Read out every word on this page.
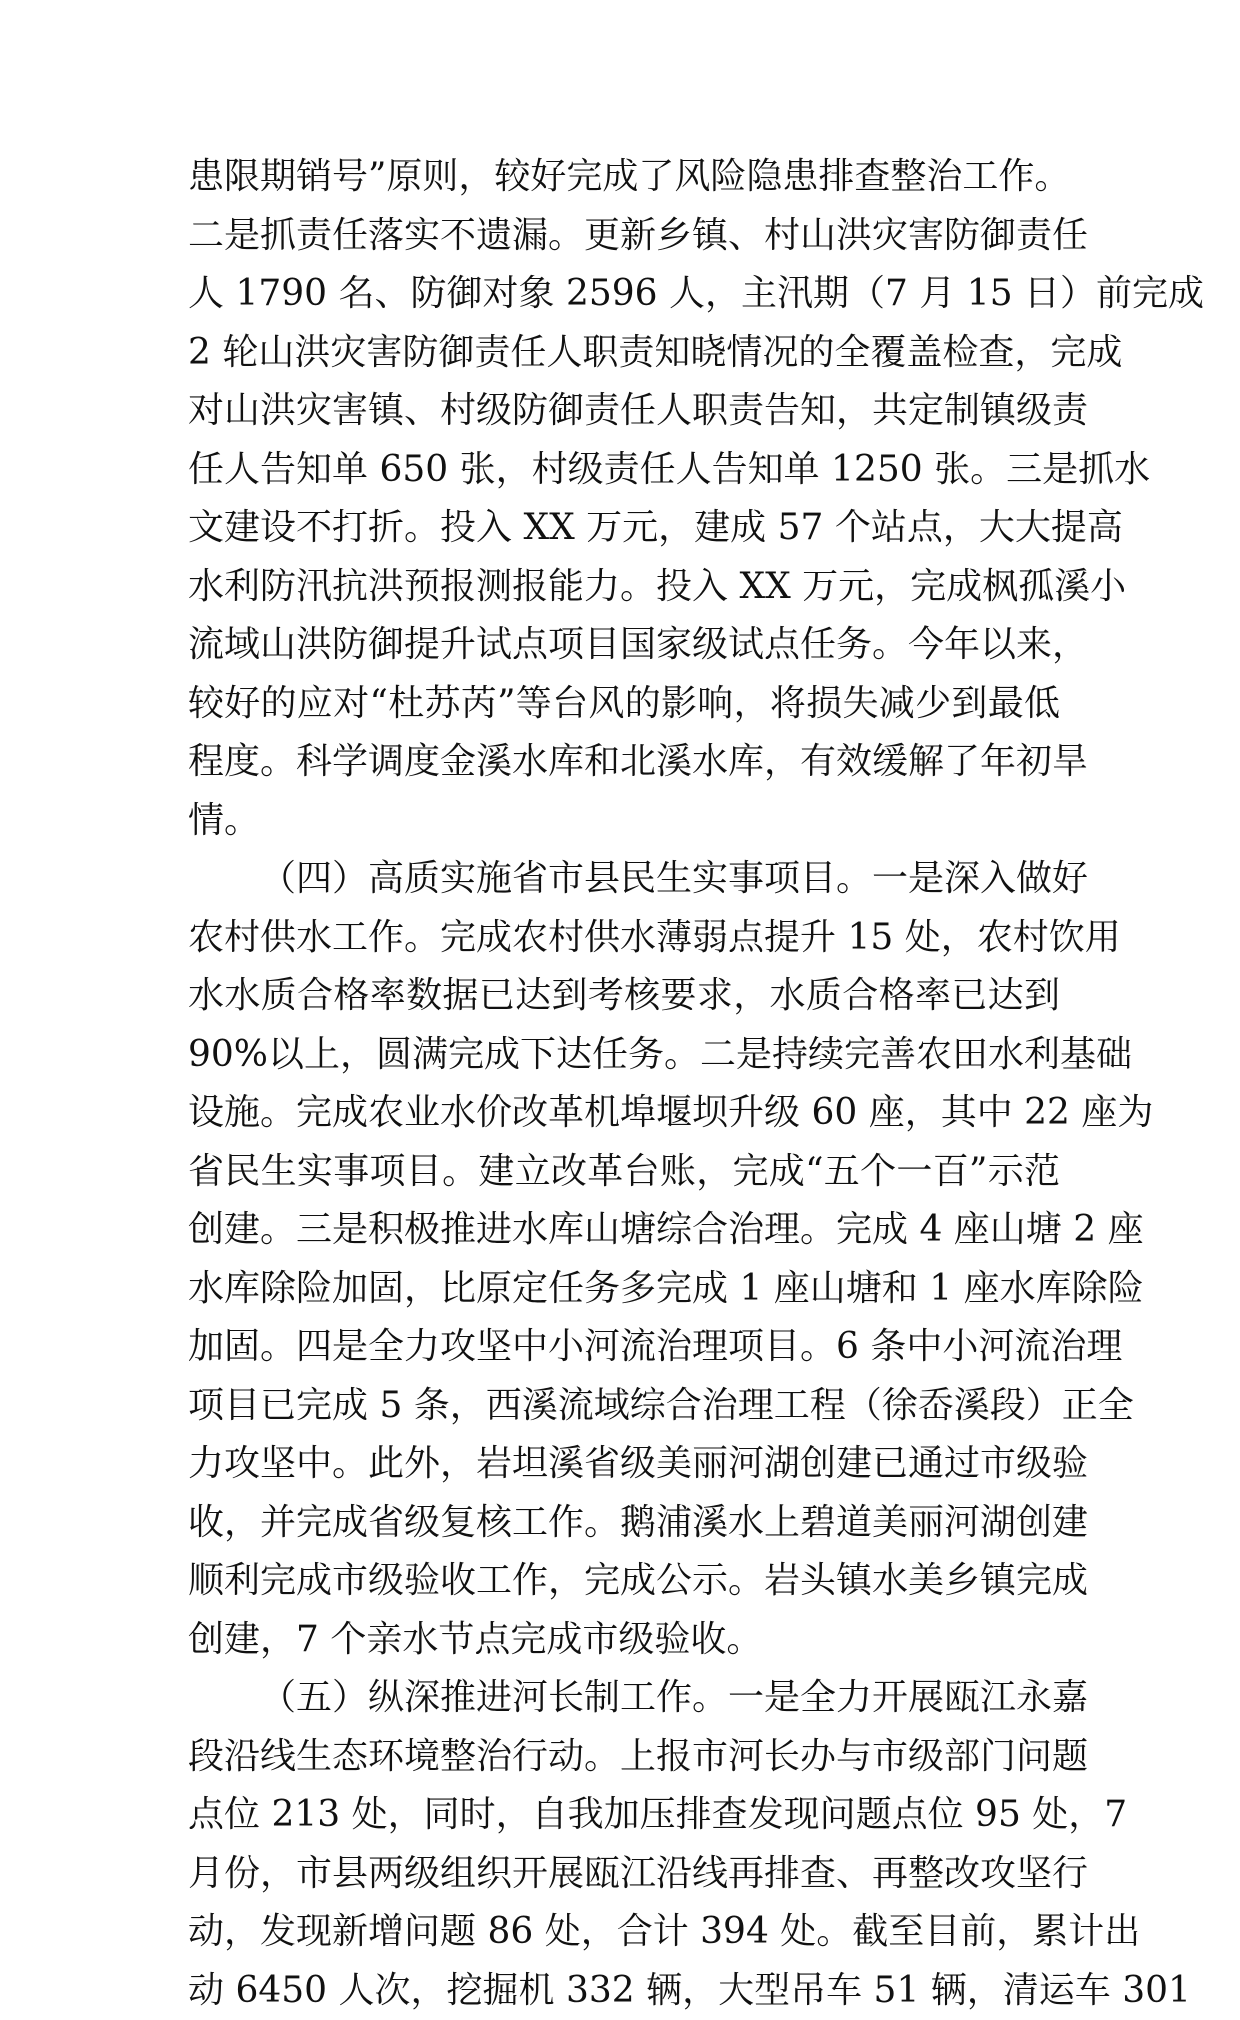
患限期销号”原则，较好完成了风险隐患排查整治工作。
二是抓责任落实不遗漏。更新乡镇、村山洪灾害防御责任
人 1790 名、防御对象 2596 人，主汛期（7 月 15 日）前完成
2 轮山洪灾害防御责任人职责知晓情况的全覆盖检查，完成
对山洪灾害镇、村级防御责任人职责告知，共定制镇级责
任人告知单 650 张，村级责任人告知单 1250 张。三是抓水
文建设不打折。投入 XX 万元，建成 57 个站点，大大提高
水利防汛抗洪预报测报能力。投入 XX 万元，完成枫孤溪小
流域山洪防御提升试点项目国家级试点任务。今年以来，
较好的应对“杜苏芮”等台风的影响，将损失减少到最低
程度。科学调度金溪水库和北溪水库，有效缓解了年初旱
情。
（四）高质实施省市县民生实事项目。一是深入做好
农村供水工作。完成农村供水薄弱点提升 15 处，农村饮用
水水质合格率数据已达到考核要求，水质合格率已达到
90%以上，圆满完成下达任务。二是持续完善农田水利基础
设施。完成农业水价改革机埠堰坝升级 60 座，其中 22 座为
省民生实事项目。建立改革台账，完成“五个一百”示范
创建。三是积极推进水库山塘综合治理。完成 4 座山塘 2 座
水库除险加固，比原定任务多完成 1 座山塘和 1 座水库除险
加固。四是全力攻坚中小河流治理项目。6 条中小河流治理
项目已完成 5 条，西溪流域综合治理工程（徐岙溪段）正全
力攻坚中。此外，岩坦溪省级美丽河湖创建已通过市级验
收，并完成省级复核工作。鹅浦溪水上碧道美丽河湖创建
顺利完成市级验收工作，完成公示。岩头镇水美乡镇完成
创建，7 个亲水节点完成市级验收。
（五）纵深推进河长制工作。一是全力开展瓯江永嘉
段沿线生态环境整治行动。上报市河长办与市级部门问题
点位 213 处，同时，自我加压排查发现问题点位 95 处，7
月份，市县两级组织开展瓯江沿线再排查、再整改攻坚行
动，发现新增问题 86 处，合计 394 处。截至目前，累计出
动 6450 人次，挖掘机 332 辆，大型吊车 51 辆，清运车 301
